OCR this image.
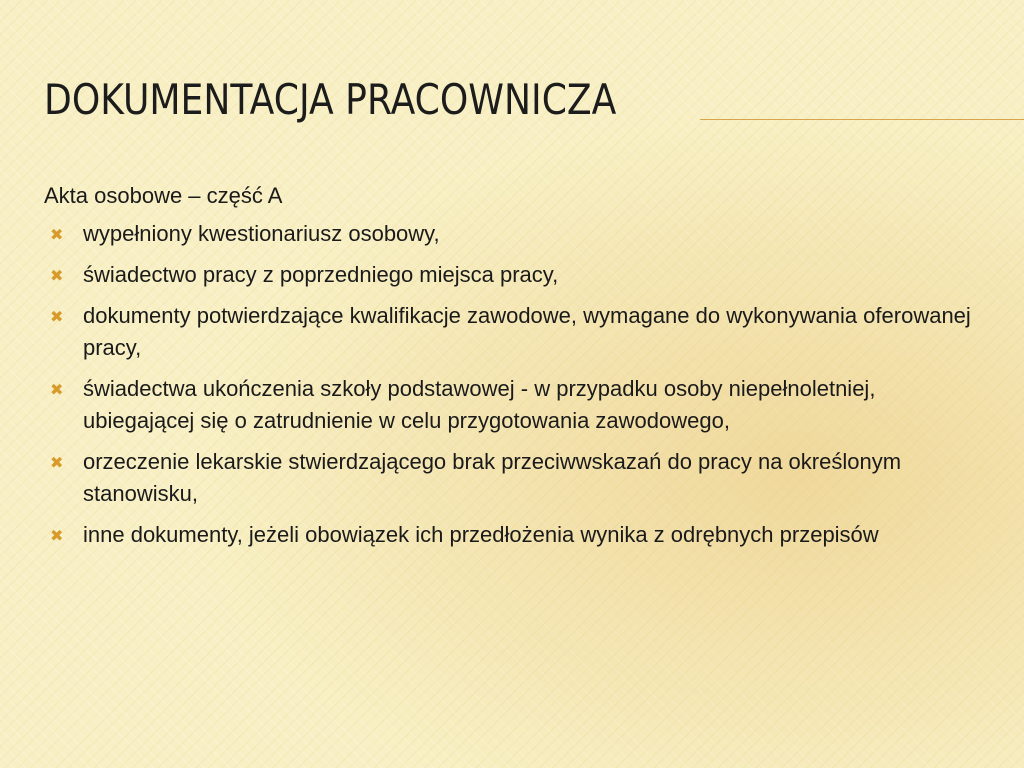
DOKUMENTACJA PRACOWNICZA

Akta osobowe – część A

✖ wypełniony kwestionariusz osobowy,
✖ świadectwo pracy z poprzedniego miejsca pracy,
✖ dokumenty potwierdzające kwalifikacje zawodowe, wymagane do wykonywania oferowanej pracy,
✖ świadectwa ukończenia szkoły podstawowej - w przypadku osoby niepełnoletniej, ubiegającej się o zatrudnienie w celu przygotowania zawodowego,
✖ orzeczenie lekarskie stwierdzającego brak przeciwwskazań do pracy na określonym stanowisku,
✖ inne dokumenty, jeżeli obowiązek ich przedłożenia wynika z odrębnych przepisów
